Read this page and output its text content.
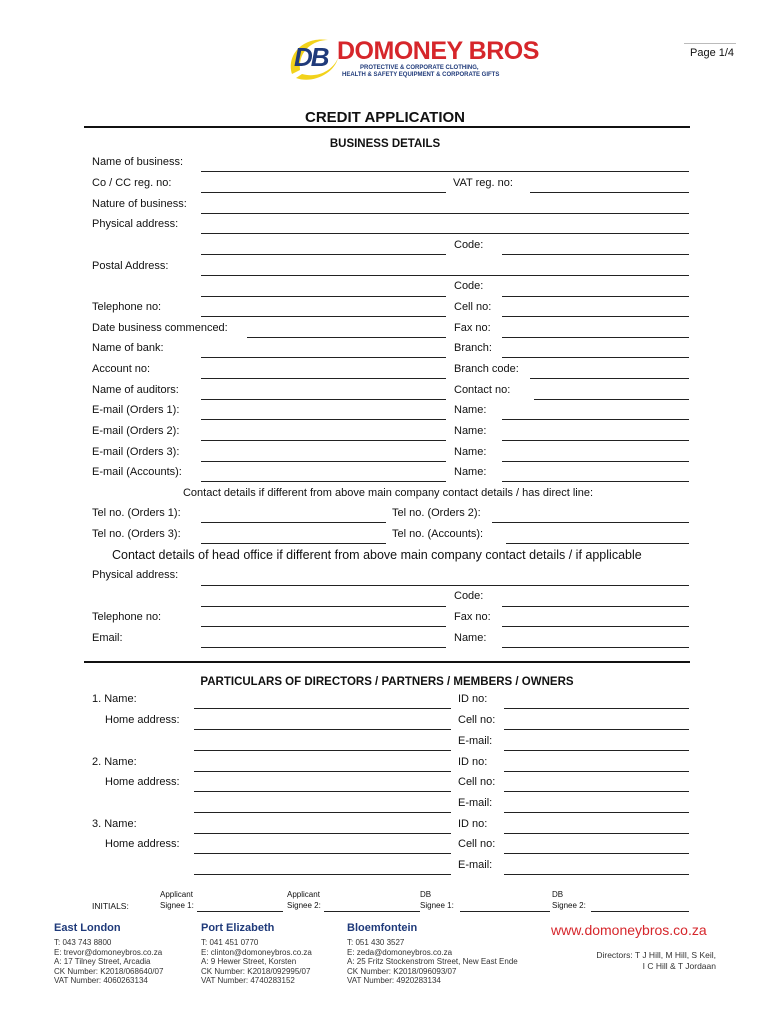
Page 1/4
DB DOMONEY BROS
PROTECTIVE & CORPORATE CLOTHING,
HEALTH & SAFETY EQUIPMENT & CORPORATE GIFTS
CREDIT APPLICATION
BUSINESS DETAILS
Name of business:
Co / CC reg. no:	VAT reg. no:
Nature of business:
Physical address:
Code:
Postal Address:
Code:
Telephone no:	Cell no:
Date business commenced:	Fax no:
Name of bank:	Branch:
Account no:	Branch code:
Name of auditors:	Contact no:
E-mail (Orders 1):	Name:
E-mail (Orders 2):	Name:
E-mail (Orders 3):	Name:
E-mail (Accounts):	Name:
Contact details if different from above main company contact details / has direct line:
Tel no. (Orders 1):	Tel no. (Orders 2):
Tel no. (Orders 3):	Tel no. (Accounts):
Contact details of head office if different from above main company contact details / if applicable
Physical address:
Code:
Telephone no:	Fax no:
Email:	Name:
PARTICULARS OF DIRECTORS / PARTNERS / MEMBERS / OWNERS
1. Name:	ID no:
Home address:	Cell no:
E-mail:
2. Name:	ID no:
Home address:	Cell no:
E-mail:
3. Name:	ID no:
Home address:	Cell no:
E-mail:
INITIALS:
Applicant
Signee 1:
Applicant
Signee 2:
DB
Signee 1:
DB
Signee 2:
East London
T: 043 743 8800
E: trevor@domoneybros.co.za
A: 17 Tilney Street, Arcadia
CK Number: K2018/068640/07
VAT Number: 4060263134
Port Elizabeth
T: 041 451 0770
E: clinton@domoneybros.co.za
A: 9 Hewer Street, Korsten
CK Number: K2018/092995/07
VAT Number: 4740283152
Bloemfontein
T: 051 430 3527
E: zeda@domoneybros.co.za
A: 25 Fritz Stockenstrom Street, New East Ende
CK Number: K2018/096093/07
VAT Number: 4920283134
www.domoneybros.co.za
Directors: T J Hill, M Hill, S Keil,
I C Hill & T Jordaan
